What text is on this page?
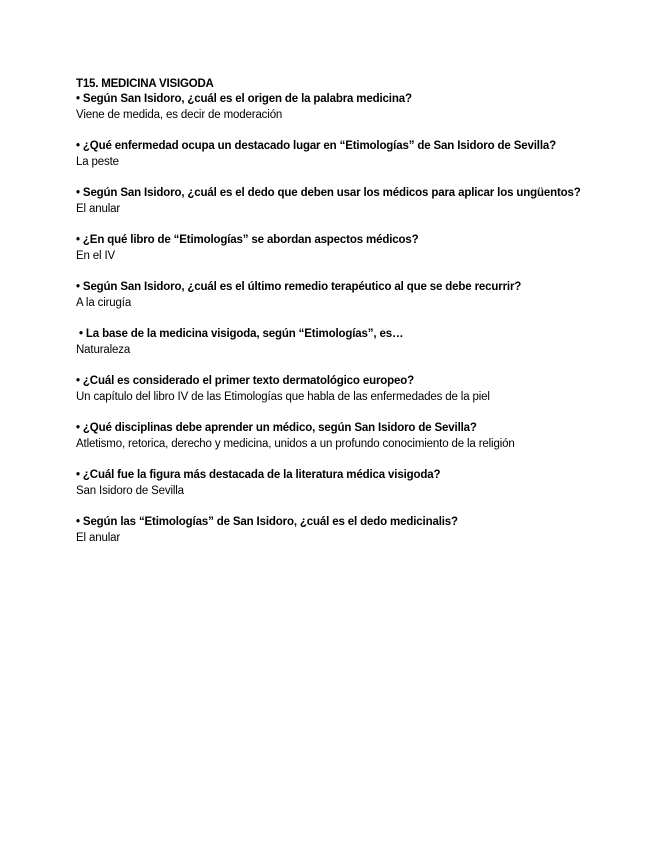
T15. MEDICINA VISIGODA

• Según San Isidoro, ¿cuál es el origen de la palabra medicina?

Viene de medida, es decir de moderación

• ¿Qué enfermedad ocupa un destacado lugar en “Etimologías” de San Isidoro de Sevilla?

La peste

• Según San Isidoro, ¿cuál es el dedo que deben usar los médicos para aplicar los ungüentos?

El anular

• ¿En qué libro de “Etimologías” se abordan aspectos médicos?

En el IV

• Según San Isidoro, ¿cuál es el último remedio terapéutico al que se debe recurrir?

A la cirugía

• La base de la medicina visigoda, según “Etimologías”, es…

Naturaleza

• ¿Cuál es considerado el primer texto dermatológico europeo?

Un capítulo del libro IV de las Etimologías que habla de las enfermedades de la piel

• ¿Qué disciplinas debe aprender un médico, según San Isidoro de Sevilla?

Atletismo, retorica, derecho y medicina, unidos a un profundo conocimiento de la religión

• ¿Cuál fue la figura más destacada de la literatura médica visigoda?

San Isidoro de Sevilla

• Según las “Etimologías” de San Isidoro, ¿cuál es el dedo medicinalis?

El anular
